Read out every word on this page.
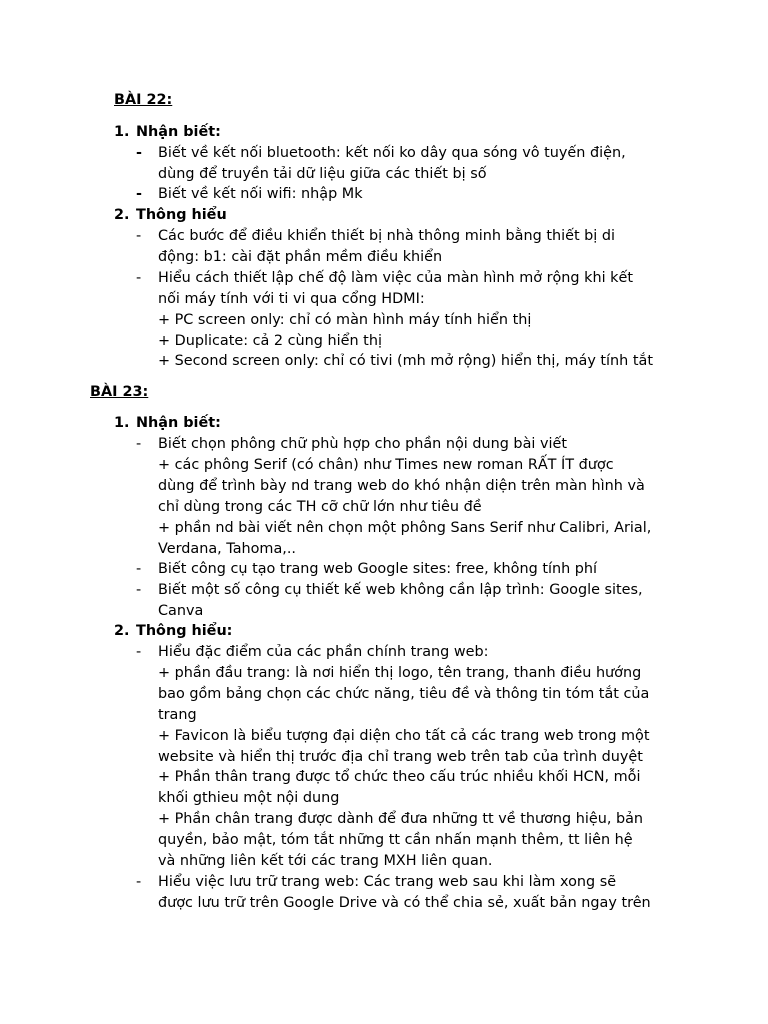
BÀI 22:
1. Nhận biết:
- Biết về kết nối bluetooth: kết nối ko dây qua sóng vô tuyến điện,
dùng để truyền tải dữ liệu giữa các thiết bị số
- Biết về kết nối wifi: nhập Mk
2. Thông hiểu
- Các bước để điều khiển thiết bị nhà thông minh bằng thiết bị di
động: b1: cài đặt phần mềm điều khiển
- Hiểu cách thiết lập chế độ làm việc của màn hình mở rộng khi kết
nối máy tính với ti vi qua cổng HDMI:
+ PC screen only: chỉ có màn hình máy tính hiển thị
+ Duplicate: cả 2 cùng hiển thị
+ Second screen only: chỉ có tivi (mh mở rộng) hiển thị, máy tính tắt
BÀI 23:
1. Nhận biết:
- Biết chọn phông chữ phù hợp cho phần nội dung bài viết
+ các phông Serif (có chân) như Times new roman RẤT ÍT được
dùng để trình bày nd trang web do khó nhận diện trên màn hình và
chỉ dùng trong các TH cỡ chữ lớn như tiêu đề
+ phần nd bài viết nên chọn một phông Sans Serif như Calibri, Arial,
Verdana, Tahoma,..
- Biết công cụ tạo trang web Google sites: free, không tính phí
- Biết một số công cụ thiết kế web không cần lập trình: Google sites,
Canva
2. Thông hiểu:
- Hiểu đặc điểm của các phần chính trang web:
+ phần đầu trang: là nơi hiển thị logo, tên trang, thanh điều hướng
bao gồm bảng chọn các chức năng, tiêu đề và thông tin tóm tắt của
trang
+ Favicon là biểu tượng đại diện cho tất cả các trang web trong một
website và hiển thị trước địa chỉ trang web trên tab của trình duyệt
+ Phần thân trang được tổ chức theo cấu trúc nhiều khối HCN, mỗi
khối gthieu một nội dung
+ Phần chân trang được dành để đưa những tt về thương hiệu, bản
quyền, bảo mật, tóm tắt những tt cần nhấn mạnh thêm, tt liên hệ
và những liên kết tới các trang MXH liên quan.
- Hiểu việc lưu trữ trang web: Các trang web sau khi làm xong sẽ
được lưu trữ trên Google Drive và có thể chia sẻ, xuất bản ngay trên
